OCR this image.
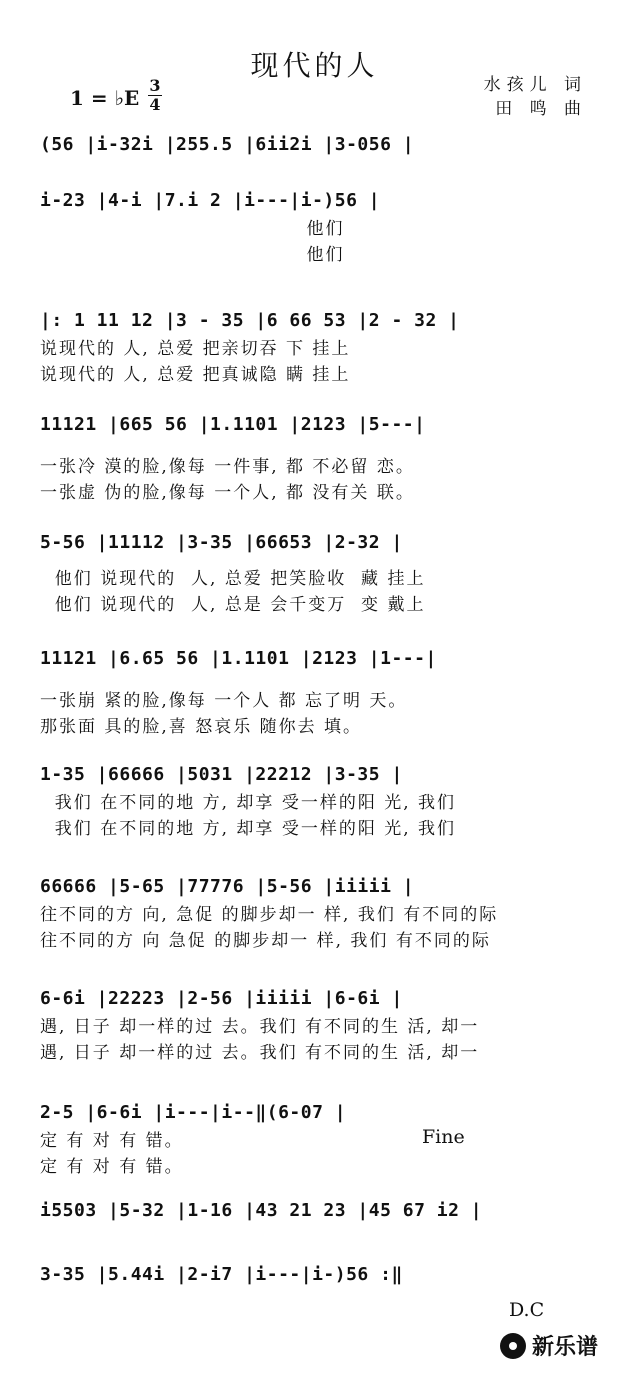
现代的人
1 = ♭E
3
4
水孩儿 词
田 鸣 曲
(56 |i-32i |255.5 |6ii2i |3-056 |
i-23 |4-i |7.i 2 |i---|i-)56 |
他们
他们
|: 1 11 12 |3 - 35 |6 66 53 |2 - 32 |
说现代的 人, 总爱 把亲切吞 下 挂上
说现代的 人, 总爱 把真诚隐 瞒 挂上
11121 |665 56 |1.1101 |2123 |5---|
一张冷 漠的脸,像每 一件事, 都 不必留 恋。
一张虚 伪的脸,像每 一个人, 都 没有关 联。
5-56 |11112 |3-35 |66653 |2-32 |
他们 说现代的  人, 总爱 把笑脸收  藏 挂上
他们 说现代的  人, 总是 会千变万  变 戴上
11121 |6.65 56 |1.1101 |2123 |1---|
一张崩 紧的脸,像每 一个人 都 忘了明 天。
那张面 具的脸,喜 怒哀乐 随你去 填。
1-35 |66666 |5031 |22212 |3-35 |
我们 在不同的地 方, 却享 受一样的阳 光, 我们
我们 在不同的地 方, 却享 受一样的阳 光, 我们
66666 |5-65 |77776 |5-56 |iiiii |
往不同的方 向, 急促 的脚步却一 样, 我们 有不同的际
往不同的方 向 急促 的脚步却一 样, 我们 有不同的际
6-6i |22223 |2-56 |iiiii |6-6i |
遇, 日子 却一样的过 去。我们 有不同的生 活, 却一
遇, 日子 却一样的过 去。我们 有不同的生 活, 却一
2-5 |6-6i |i---|i--‖(6-07 |
定 有 对 有 错。
定 有 对 有 错。
Fine
i5503 |5-32 |1-16 |43 21 23 |45 67 i2 |
3-35 |5.44i |2-i7 |i---|i-)56 :‖
D.C
新乐谱
